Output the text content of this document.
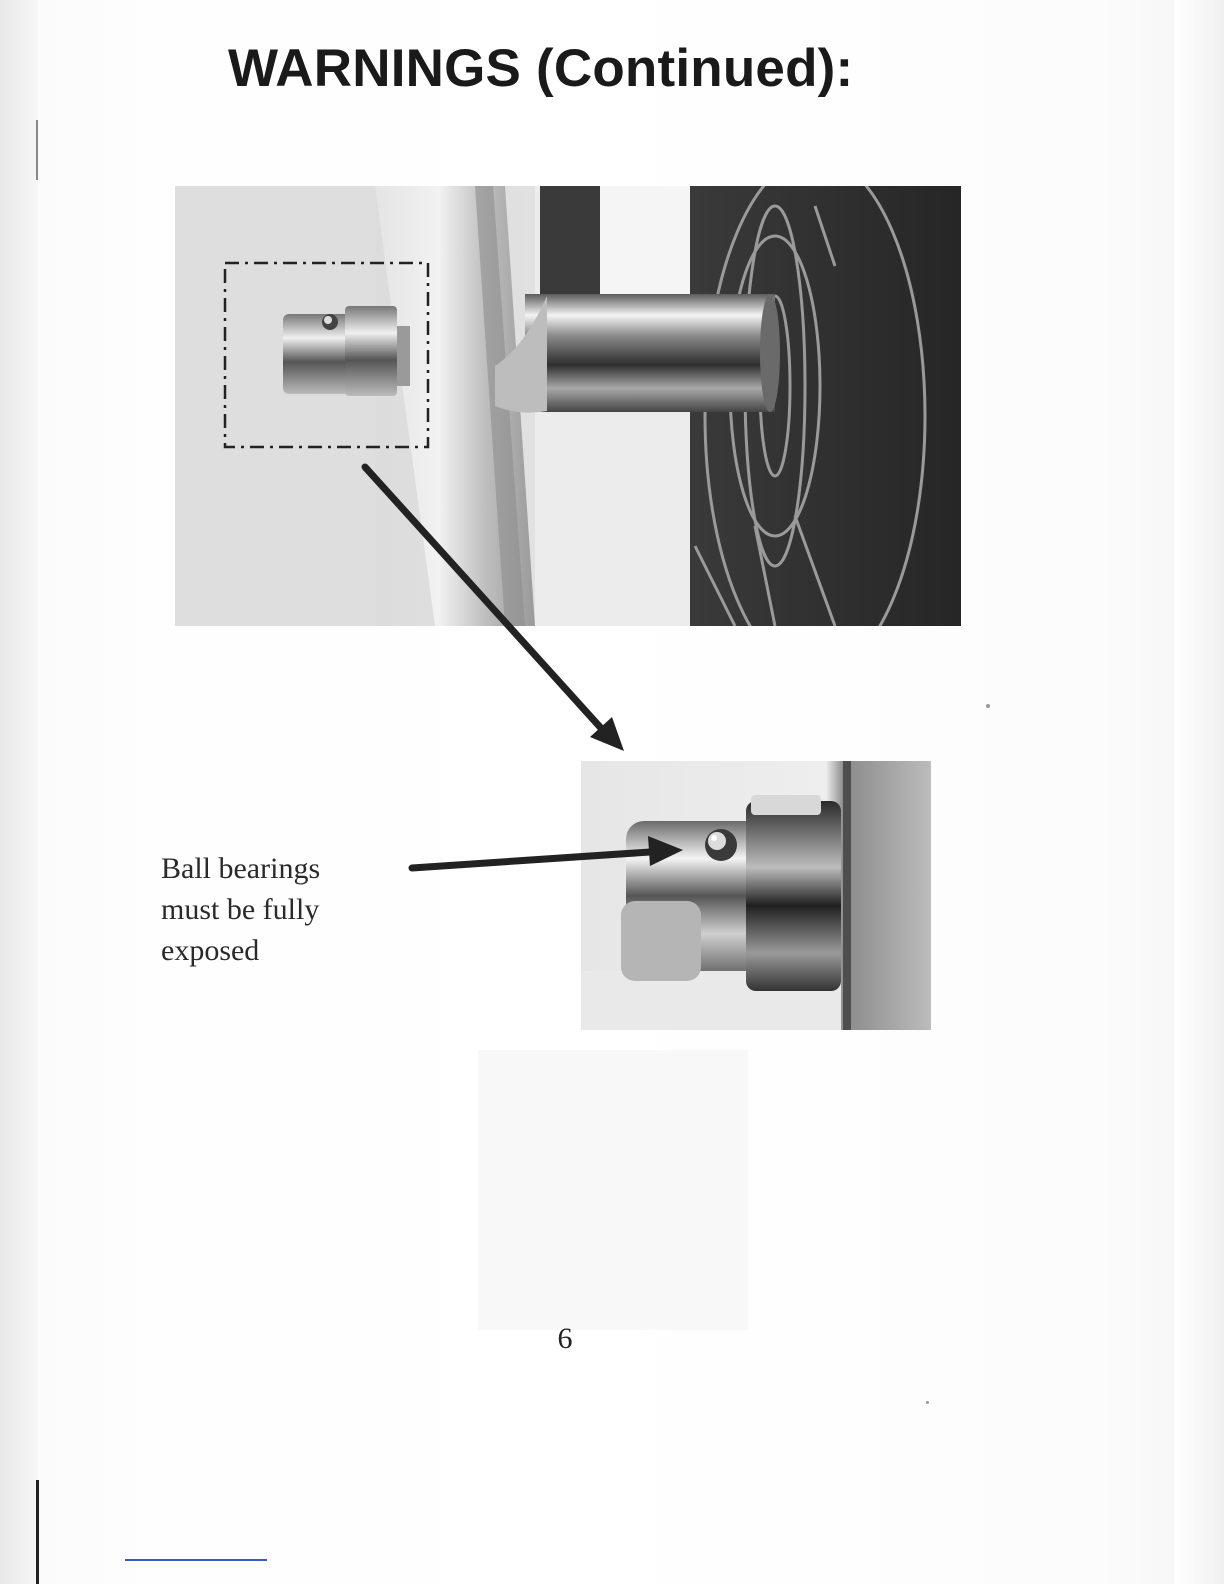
WARNINGS (Continued):
Ball bearings
must be fully
exposed
6
